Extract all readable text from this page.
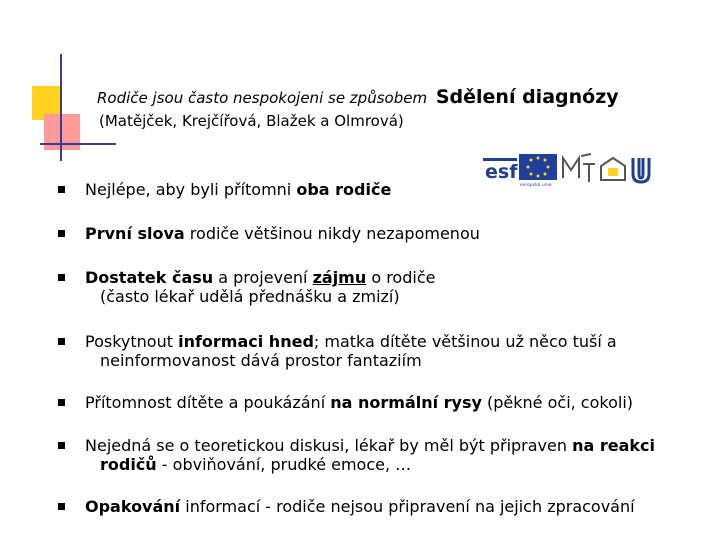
Rodiče jsou často nespokojeni se způsobem Sdělení diagnózy
(Matějček, Krejčířová, Blažek a Olmrová)
esf
evropská unie
Nejlépe, aby byli přítomni oba rodiče
První slova rodiče většinou nikdy nezapomenou
Dostatek času a projevení zájmu o rodiče
(často lékař udělá přednášku a zmizí)
Poskytnout informaci hned; matka dítěte většinou už něco tuší a
neinformovanost dává prostor fantaziím
Přítomnost dítěte a poukázání na normální rysy (pěkné oči, cokoli)
Nejedná se o teoretickou diskusi, lékař by měl být připraven na reakci
rodičů - obviňování, prudké emoce, …
Opakování informací - rodiče nejsou připravení na jejich zpracování
